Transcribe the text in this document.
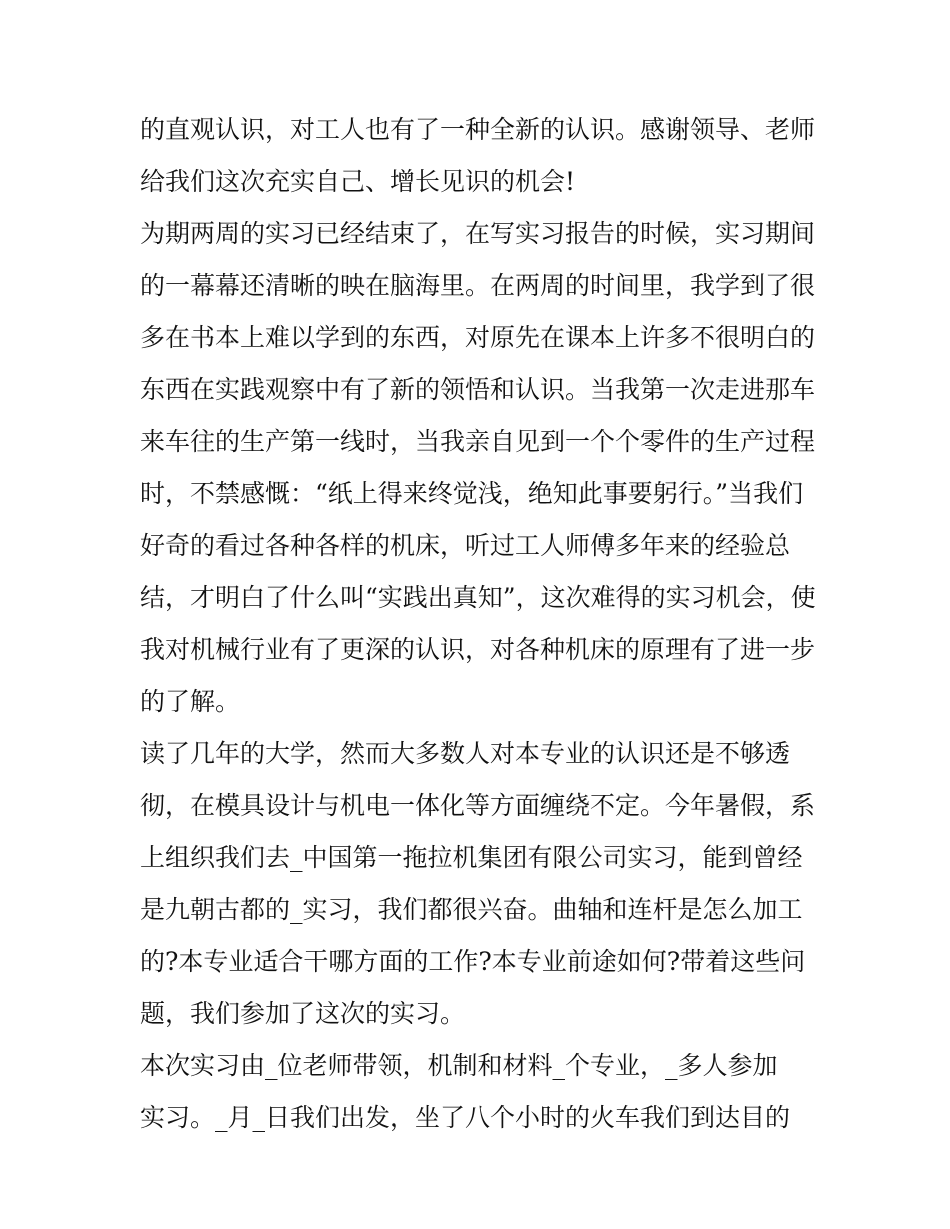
的直观认识，对工人也有了一种全新的认识。感谢领导、老师
给我们这次充实自己、增长见识的机会!
为期两周的实习已经结束了，在写实习报告的时候，实习期间
的一幕幕还清晰的映在脑海里。在两周的时间里，我学到了很
多在书本上难以学到的东西，对原先在课本上许多不很明白的
东西在实践观察中有了新的领悟和认识。当我第一次走进那车
来车往的生产第一线时，当我亲自见到一个个零件的生产过程
时，不禁感慨：“纸上得来终觉浅，绝知此事要躬行。”当我们
好奇的看过各种各样的机床，听过工人师傅多年来的经验总
结，才明白了什么叫“实践出真知”，这次难得的实习机会，使
我对机械行业有了更深的认识，对各种机床的原理有了进一步
的了解。
读了几年的大学，然而大多数人对本专业的认识还是不够透
彻，在模具设计与机电一体化等方面缠绕不定。今年暑假，系
上组织我们去_中国第一拖拉机集团有限公司实习，能到曾经
是九朝古都的_实习，我们都很兴奋。曲轴和连杆是怎么加工
的?本专业适合干哪方面的工作?本专业前途如何?带着这些问
题，我们参加了这次的实习。
本次实习由_位老师带领，机制和材料_个专业，_多人参加
实习。_月_日我们出发，坐了八个小时的火车我们到达目的
